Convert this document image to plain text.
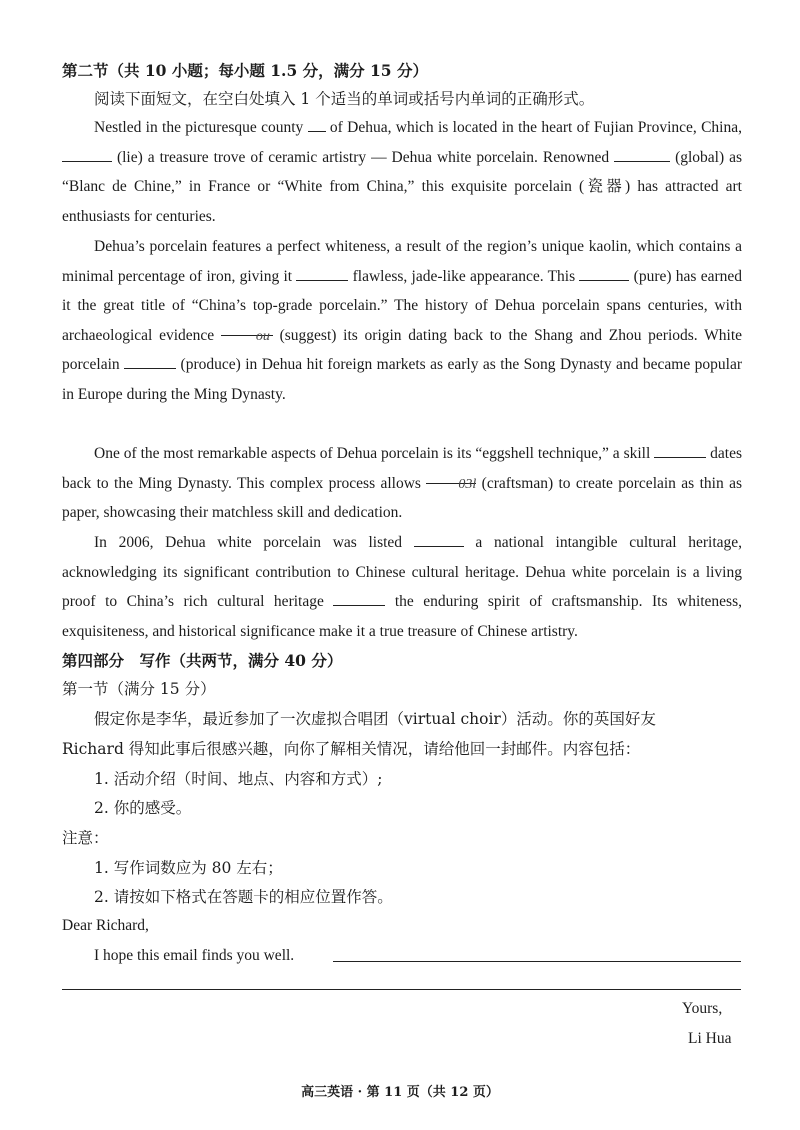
第二节（共 10 小题；每小题 1.5 分，满分 15 分）
阅读下面短文，在空白处填入 1 个适当的单词或括号内单词的正确形式。

Nestled in the picturesque county  of Dehua, which is located in the heart of Fujian Province, China,  (lie) a treasure trove of ceramic artistry — Dehua white porcelain. Renowned	(global) as “Blanc de Chine,” in France or “White from China,” this exquisite porcelain (瓷器) has attracted art enthusiasts for centuries.

Dehua’s porcelain features a perfect whiteness, a result of the region’s unique kaolin, which contains a minimal percentage of iron, giving it	flawless, jade-like appearance. This	(pure) has earned it the great title of “China’s top-grade porcelain.” The history of Dehua porcelain spans centuries, with archaeological evidence	ou (suggest) its origin dating back to the Shang and Zhou periods. White porcelain	(produce) in Dehua hit foreign markets as early as the Song Dynasty and became popular in Europe during the Ming Dynasty.

One of the most remarkable aspects of Dehua porcelain is its “eggshell technique,” a skill	dates back to the Ming Dynasty. This complex process allows 03l (craftsman) to create porcelain as thin as paper, showcasing their matchless skill and dedication.

In 2006, Dehua white porcelain was listed	a national intangible cultural heritage, acknowledging its significant contribution to Chinese cultural heritage. Dehua white porcelain is a living proof to China’s rich cultural heritage	the enduring spirit of craftsmanship. Its whiteness, exquisiteness, and historical significance make it a true treasure of Chinese artistry.

第四部分　写作（共两节，满分 40 分）
第一节（满分 15 分）
假定你是李华，最近参加了一次虚拟合唱团（virtual choir）活动。你的英国好友
Richard 得知此事后很感兴趣，向你了解相关情况，请给他回一封邮件。内容包括：
1. 活动介绍（时间、地点、内容和方式）;
2. 你的感受。
注意：
1. 写作词数应为 80 左右；
2. 请按如下格式在答题卡的相应位置作答。
Dear Richard,
I hope this email finds you well.
Yours,
Li Hua
高三英语 · 第 11 页（共 12 页）
